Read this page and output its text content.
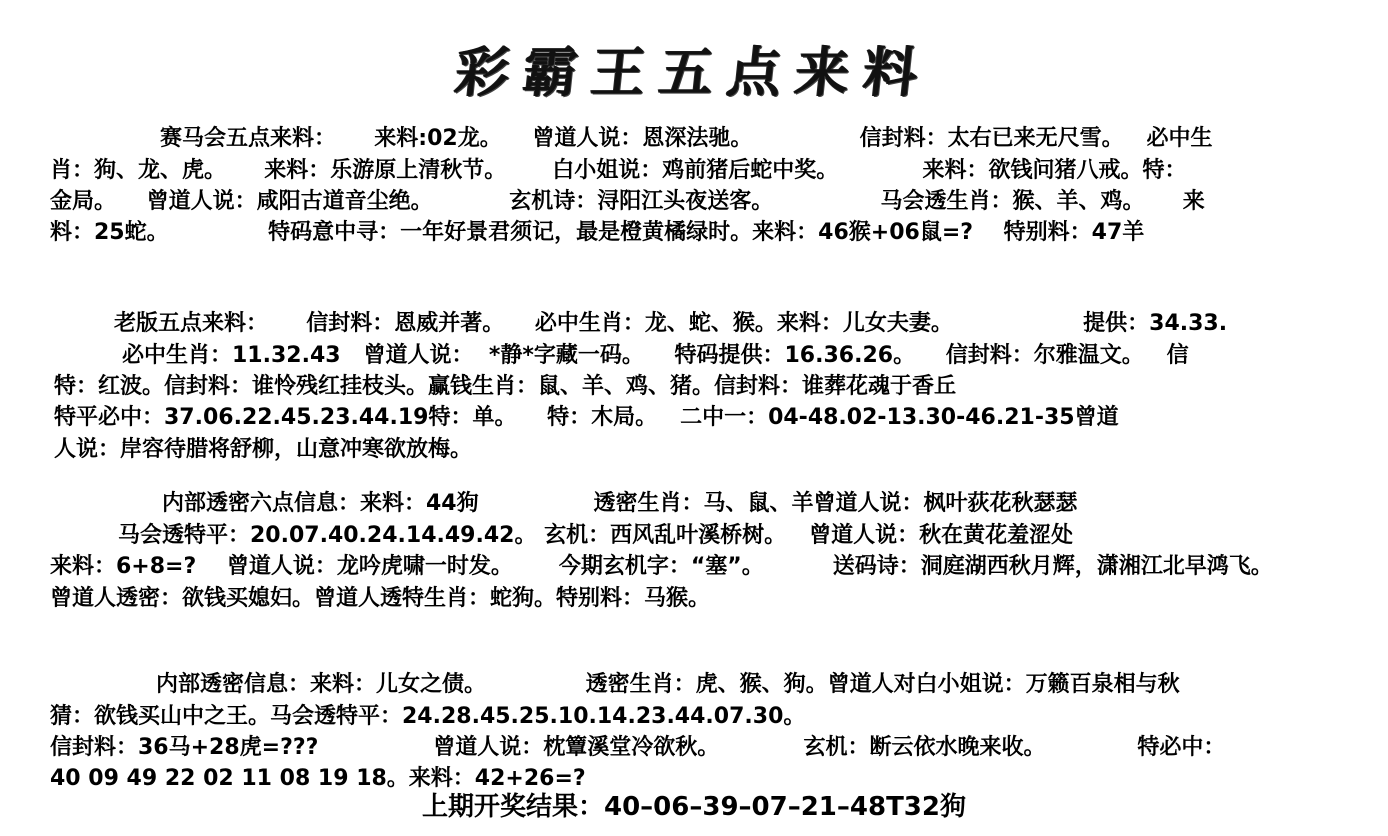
彩霸王五点来料
赛马会五点来料：     来料:02龙。    曾道人说：恩深法驰。              信封料：太右已来无尺雪。   必中生
肖：狗、龙、虎。     来料：乐游原上清秋节。      白小姐说：鸡前猪后蛇中奖。           来料：欲钱问猪八戒。特：
金局。    曾道人说：咸阳古道音尘绝。          玄机诗：浔阳江头夜送客。              马会透生肖：猴、羊、鸡。     来
料：25蛇。             特码意中寻：一年好景君须记，最是橙黄橘绿时。来料：46猴+06鼠=?    特别料：47羊
老版五点来料：     信封料：恩威并著。    必中生肖：龙、蛇、猴。来料：儿女夫妻。                 提供：34.33.
必中生肖：11.32.43   曾道人说：  *静*字藏一码。    特码提供：16.36.26。    信封料：尔雅温文。   信
特：红波。信封料：谁怜残红挂枝头。赢钱生肖：鼠、羊、鸡、猪。信封料：谁葬花魂于香丘
特平必中：37.06.22.45.23.44.19特：单。    特：木局。   二中一：04-48.02-13.30-46.21-35曾道
人说：岸容待腊将舒柳，山意冲寒欲放梅。
内部透密六点信息：来料：44狗               透密生肖：马、鼠、羊曾道人说：枫叶荻花秋瑟瑟
马会透特平：20.07.40.24.14.49.42。 玄机：西风乱叶溪桥树。   曾道人说：秋在黄花羞涩处
来料：6+8=?    曾道人说：龙吟虎啸一时发。      今期玄机字：“塞”。         送码诗：洞庭湖西秋月辉，潇湘江北早鸿飞。
曾道人透密：欲钱买媳妇。曾道人透特生肖：蛇狗。特别料：马猴。
内部透密信息：来料：儿女之债。             透密生肖：虎、猴、狗。曾道人对白小姐说：万籁百泉相与秋
猜：欲钱买山中之王。马会透特平：24.28.45.25.10.14.23.44.07.30。
信封料：36马+28虎=???               曾道人说：枕簟溪堂冷欲秋。           玄机：断云依水晚来收。            特必中：
40 09 49 22 02 11 08 19 18。来料：42+26=?
上期开奖结果：40–06–39–07–21–48T32狗
